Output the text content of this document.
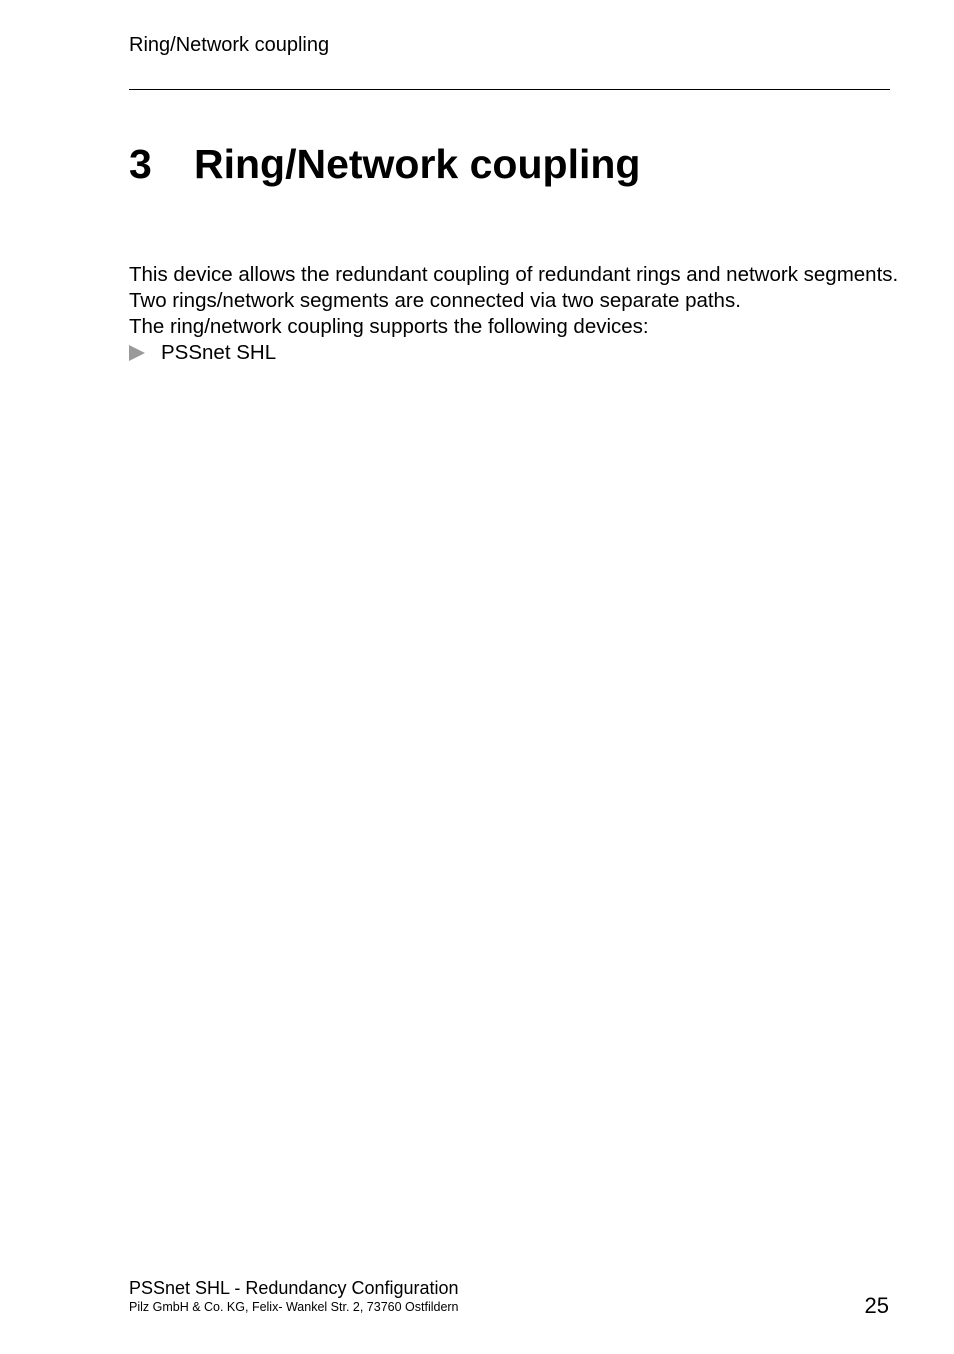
Ring/Network coupling
3 Ring/Network coupling

This device allows the redundant coupling of redundant rings and network segments. Two rings/network segments are connected via two separate paths.

The ring/network coupling supports the following devices:

PSSnet SHL
PSSnet SHL - Redundancy Configuration
Pilz GmbH & Co. KG, Felix- Wankel Str. 2, 73760 Ostfildern	25
